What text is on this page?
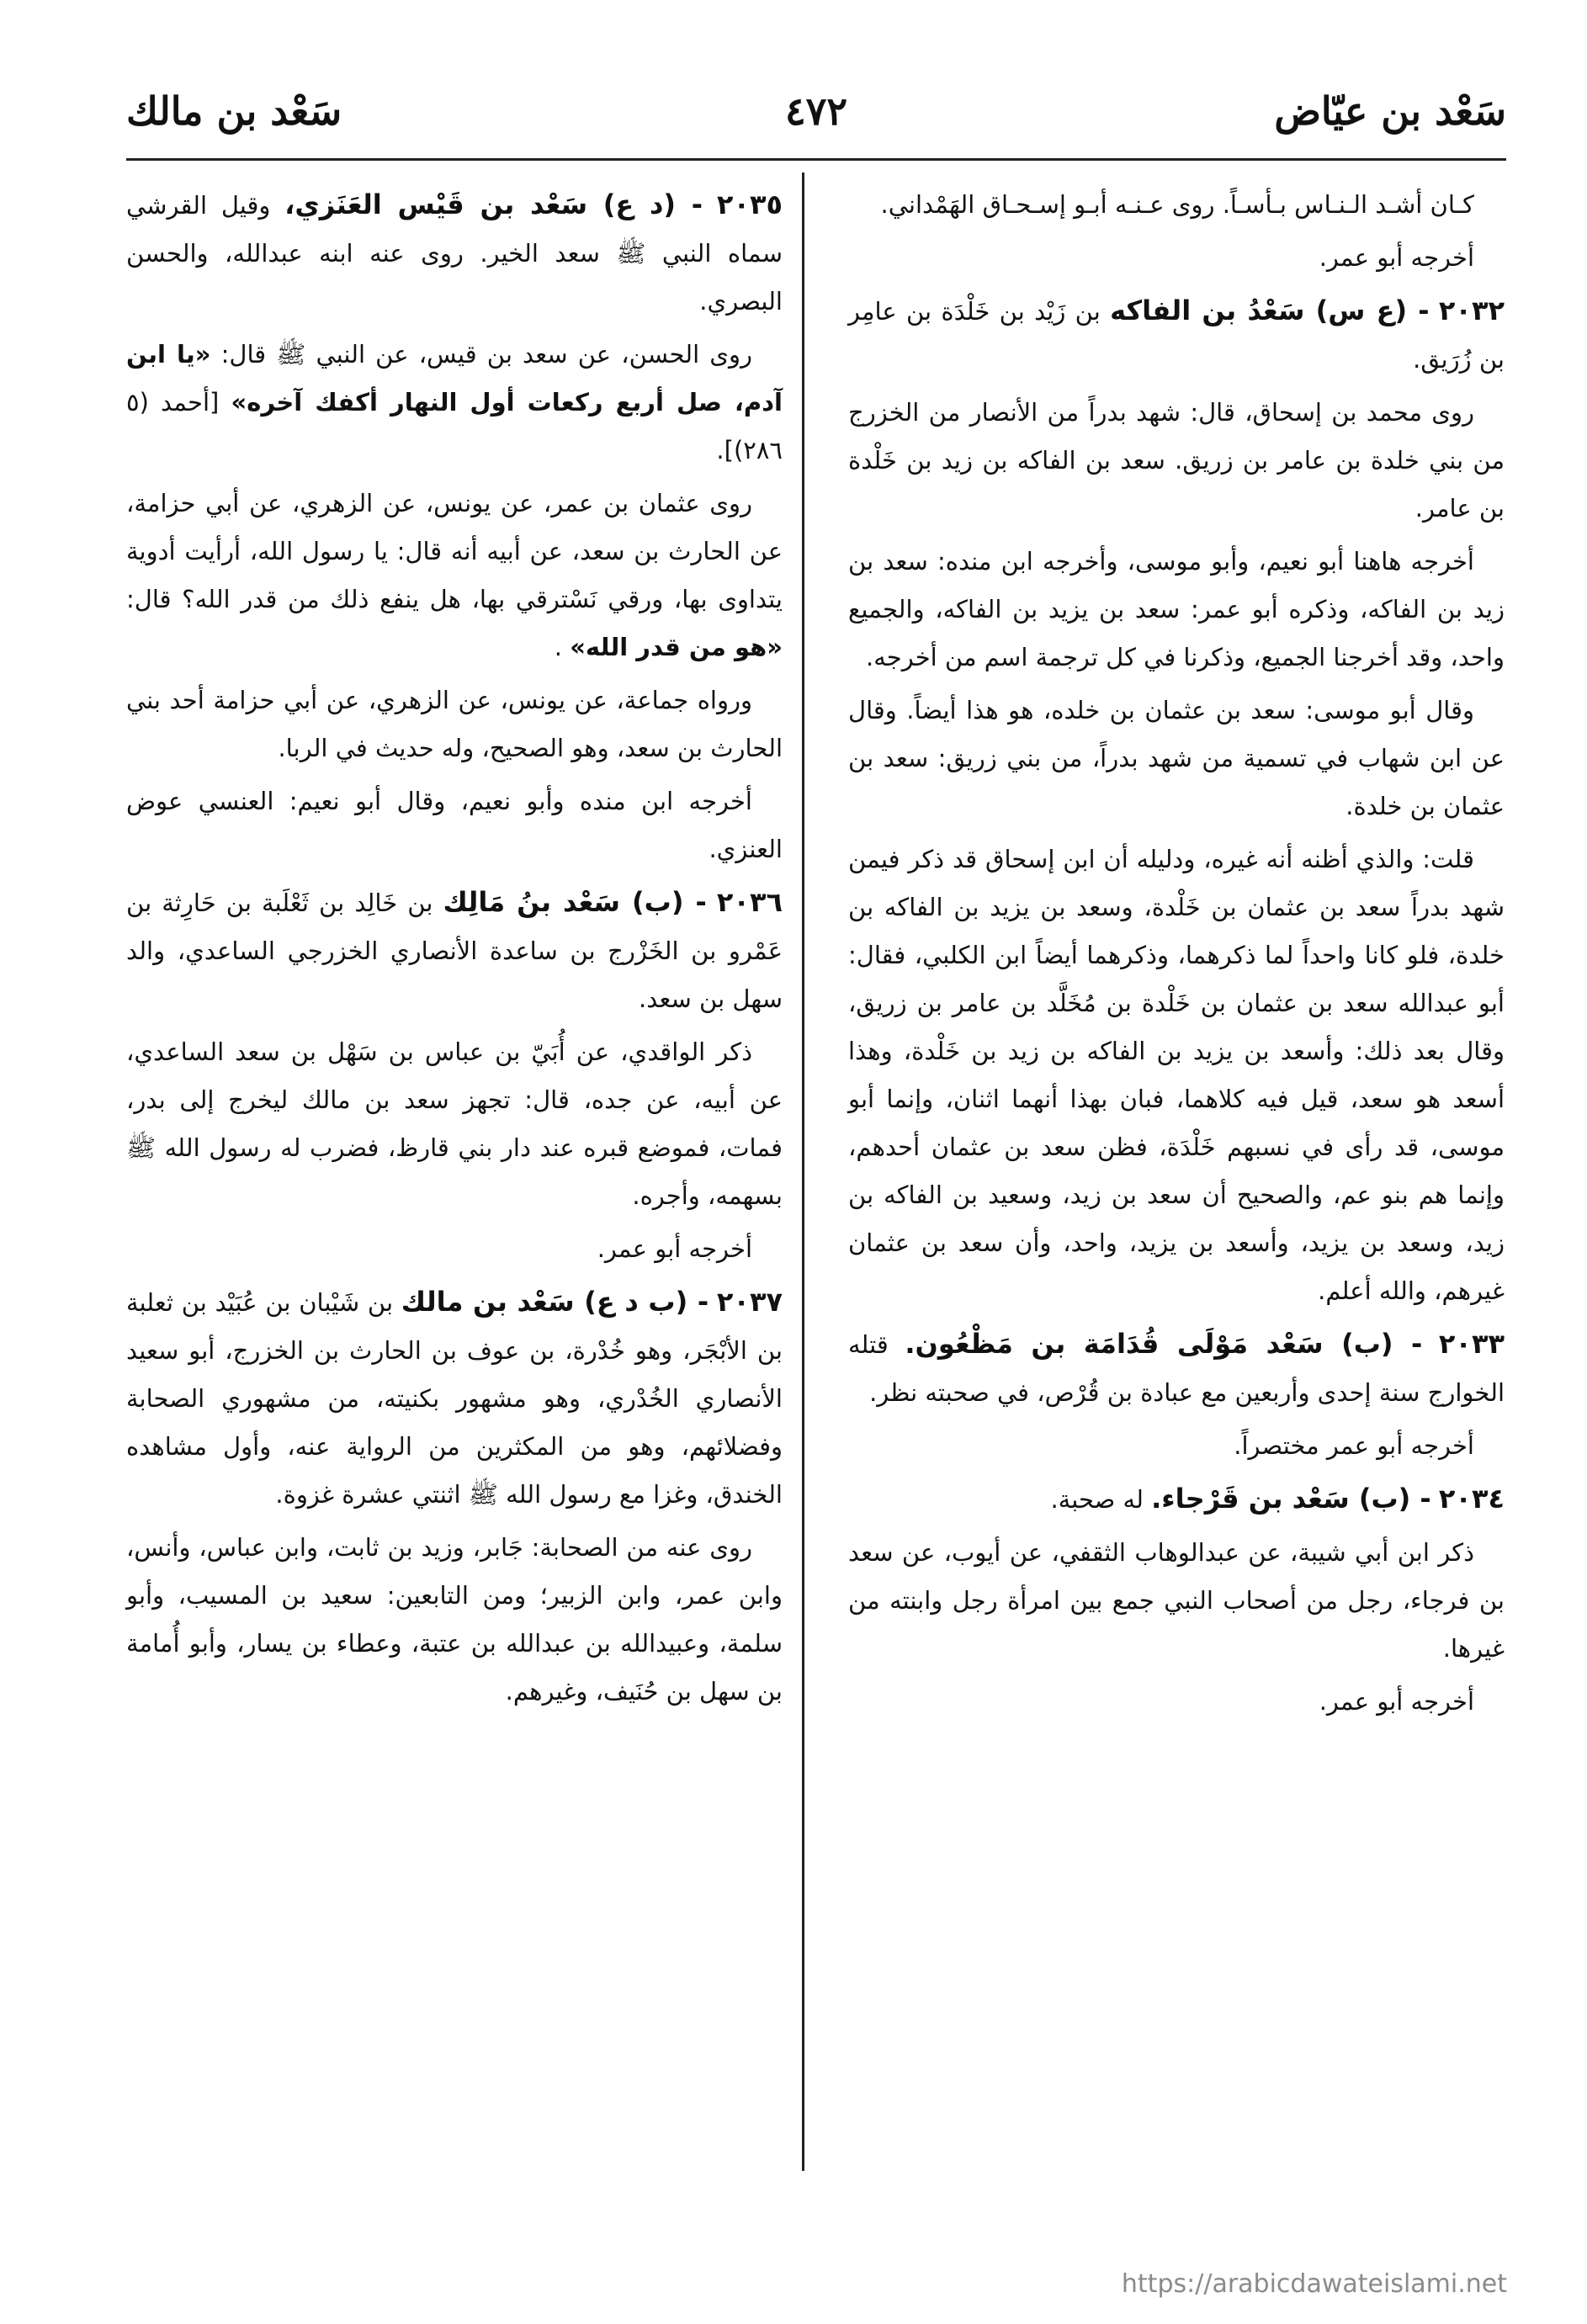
سَعْد بن عيّاض
٤٧٢
سَعْد بن مالك

كـان أشـد الـنـاس بـأسـاً. روى عـنـه أبـو إسـحـاق الهَمْداني.

أخرجه أبو عمر.

٢٠٣٢ - (ع س) سَعْدُ بن الفاكه بن زَيْد بن خَلْدَة بن عامِر بن زُرَيق.

روى محمد بن إسحاق، قال: شهد بدراً من الأنصار من الخزرج من بني خلدة بن عامر بن زريق. سعد بن الفاكه بن زيد بن خَلْدة بن عامر.

أخرجه هاهنا أبو نعيم، وأبو موسى، وأخرجه ابن منده: سعد بن زيد بن الفاكه، وذكره أبو عمر: سعد بن يزيد بن الفاكه، والجميع واحد، وقد أخرجنا الجميع، وذكرنا في كل ترجمة اسم من أخرجه.

وقال أبو موسى: سعد بن عثمان بن خلده، هو هذا أيضاً. وقال عن ابن شهاب في تسمية من شهد بدراً، من بني زريق: سعد بن عثمان بن خلدة.

قلت: والذي أظنه أنه غيره، ودليله أن ابن إسحاق قد ذكر فيمن شهد بدراً سعد بن عثمان بن خَلْدة، وسعد بن يزيد بن الفاكه بن خلدة، فلو كانا واحداً لما ذكرهما، وذكرهما أيضاً ابن الكلبي، فقال: أبو عبدالله سعد بن عثمان بن خَلْدة بن مُخَلَّد بن عامر بن زريق، وقال بعد ذلك: وأسعد بن يزيد بن الفاكه بن زيد بن خَلْدة، وهذا أسعد هو سعد، قيل فيه كلاهما، فبان بهذا أنهما اثنان، وإنما أبو موسى، قد رأى في نسبهم خَلْدَة، فظن سعد بن عثمان أحدهم، وإنما هم بنو عم، والصحيح أن سعد بن زيد، وسعيد بن الفاكه بن زيد، وسعد بن يزيد، وأسعد بن يزيد، واحد، وأن سعد بن عثمان غيرهم، والله أعلم.

٢٠٣٣ - (ب) سَعْد مَوْلَى قُدَامَة بن مَظْعُون. قتله الخوارج سنة إحدى وأربعين مع عبادة بن قُرْص، في صحبته نظر.

أخرجه أبو عمر مختصراً.

٢٠٣٤ - (ب) سَعْد بن قَرْجاء. له صحبة.

ذكر ابن أبي شيبة، عن عبدالوهاب الثقفي، عن أيوب، عن سعد بن فرجاء، رجل من أصحاب النبي جمع بين امرأة رجل وابنته من غيرها.

أخرجه أبو عمر.

٢٠٣٥ - (د ع) سَعْد بن قَيْس العَنَزي، وقيل القرشي سماه النبي ﷺ سعد الخير. روى عنه ابنه عبدالله، والحسن البصري.

روى الحسن، عن سعد بن قيس، عن النبي ﷺ قال: «يا ابن آدم، صل أربع ركعات أول النهار أكفك آخره» [أحمد (٥ ٢٨٦)].

روى عثمان بن عمر، عن يونس، عن الزهري، عن أبي حزامة، عن الحارث بن سعد، عن أبيه أنه قال: يا رسول الله، أرأيت أدوية يتداوى بها، ورقي نَسْترقي بها، هل ينفع ذلك من قدر الله؟ قال: «هو من قدر الله» .

ورواه جماعة، عن يونس، عن الزهري، عن أبي حزامة أحد بني الحارث بن سعد، وهو الصحيح، وله حديث في الربا.

أخرجه ابن منده وأبو نعيم، وقال أبو نعيم: العنسي عوض العنزي.

٢٠٣٦ - (ب) سَعْد بنُ مَالِك بن خَالِد بن ثَعْلَبة بن حَارِثة بن عَمْرو بن الخَزْرج بن ساعدة الأنصاري الخزرجي الساعدي، والد سهل بن سعد.

ذكر الواقدي، عن أُبَيّ بن عباس بن سَهْل بن سعد الساعدي، عن أبيه، عن جده، قال: تجهز سعد بن مالك ليخرج إلى بدر، فمات، فموضع قبره عند دار بني قارظ، فضرب له رسول الله ﷺ بسهمه، وأجره.

أخرجه أبو عمر.

٢٠٣٧ - (ب د ع) سَعْد بن مالك بن شَيْبان بن عُبَيْد بن ثعلبة بن الأبْجَر، وهو خُدْرة، بن عوف بن الحارث بن الخزرج، أبو سعيد الأنصاري الخُدْري، وهو مشهور بكنيته، من مشهوري الصحابة وفضلائهم، وهو من المكثرين من الرواية عنه، وأول مشاهده الخندق، وغزا مع رسول الله ﷺ اثنتي عشرة غزوة.

روى عنه من الصحابة: جَابر، وزيد بن ثابت، وابن عباس، وأنس، وابن عمر، وابن الزبير؛ ومن التابعين: سعيد بن المسيب، وأبو سلمة، وعبيدالله بن عبدالله بن عتبة، وعطاء بن يسار، وأبو أُمامة بن سهل بن حُنَيف، وغيرهم.

https://arabicdawateislami.net
